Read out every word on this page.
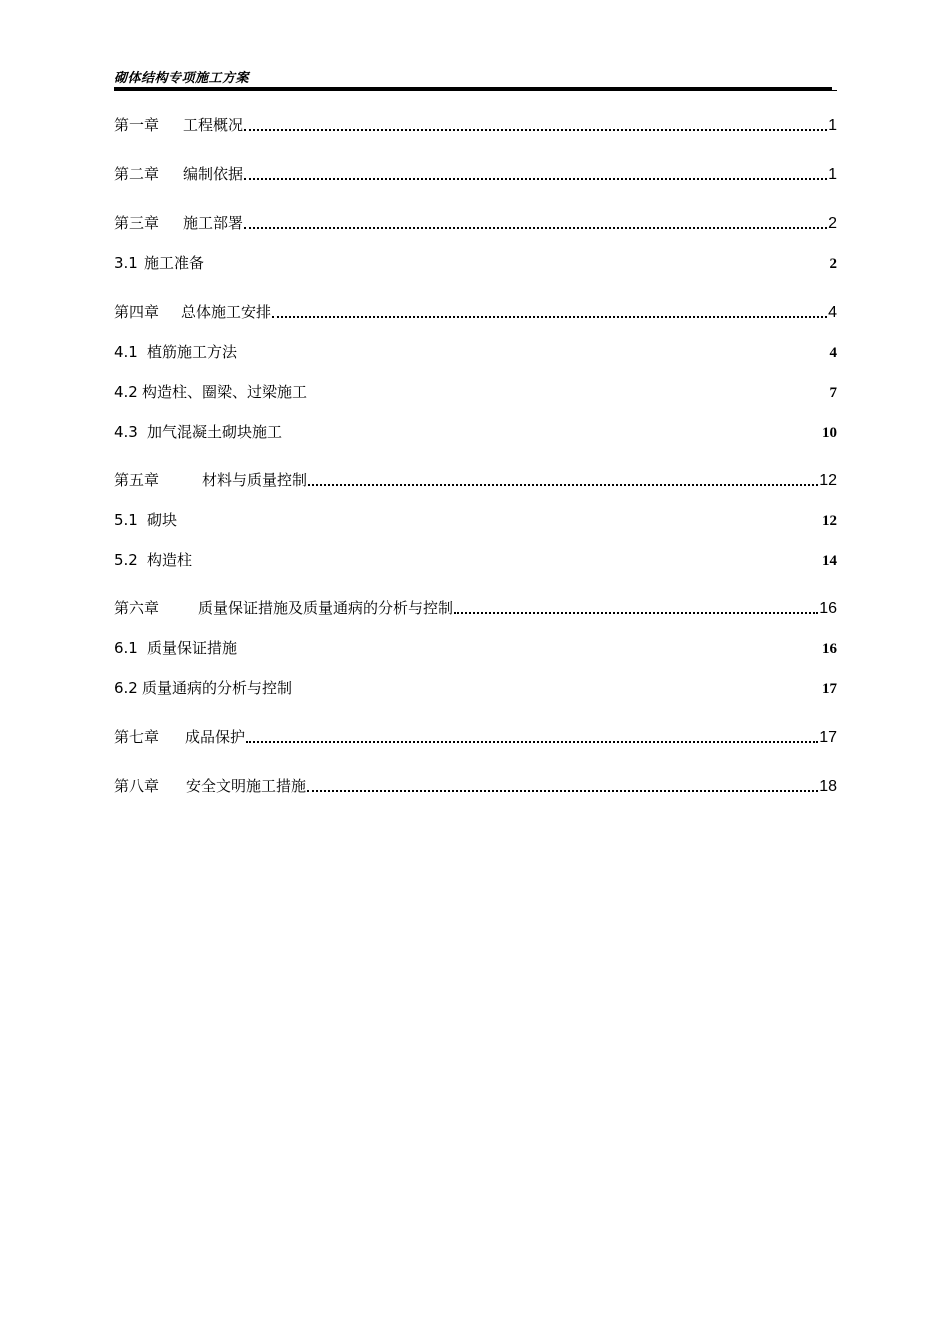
砌体结构专项施工方案
第一章	工程概况	1
第二章	编制依据	1
第三章	施工部署	2
3.1 施工准备	2
第四章	总体施工安排	4
4.1 植筋施工方法	4
4.2 构造柱、圈梁、过梁施工	7
4.3 加气混凝土砌块施工	10
第五章	材料与质量控制	12
5.1 砌块	12
5.2 构造柱	14
第六章	质量保证措施及质量通病的分析与控制	16
6.1 质量保证措施	16
6.2 质量通病的分析与控制	17
第七章	成品保护	17
第八章	安全文明施工措施	18
